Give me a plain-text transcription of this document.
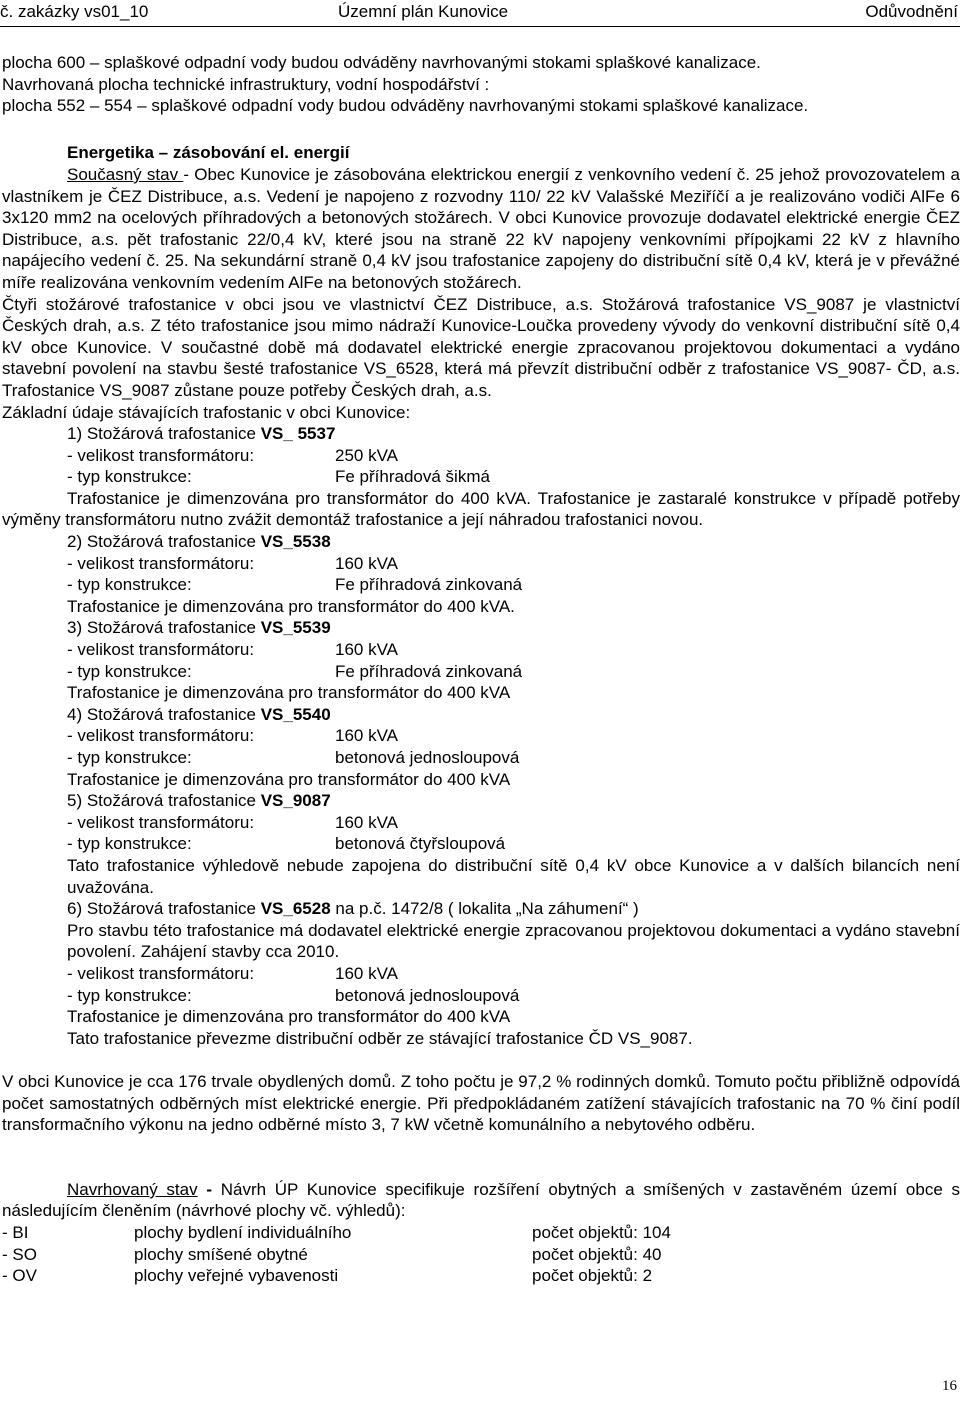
č. zakázky vs01_10	Územní plán Kunovice	Odůvodnění

plocha 600 – splaškové odpadní vody budou odváděny navrhovanými stokami splaškové kanalizace.

Navrhovaná plocha technické infrastruktury, vodní hospodářství :

plocha 552 – 554 – splaškové odpadní vody budou odváděny navrhovanými stokami splaškové kanalizace.

Energetika – zásobování el. energií

Současný stav - Obec Kunovice je zásobována elektrickou energií z venkovního vedení č. 25 jehož provozovatelem a vlastníkem je ČEZ Distribuce, a.s. Vedení je napojeno z rozvodny 110/ 22 kV Valašské Meziříčí a je realizováno vodiči AlFe 6 3x120 mm2 na ocelových příhradových a betonových stožárech. V obci Kunovice provozuje dodavatel elektrické energie ČEZ Distribuce, a.s. pět trafostanic 22/0,4 kV, které jsou na straně 22 kV napojeny venkovními přípojkami 22 kV z hlavního napájecího vedení č. 25. Na sekundární straně 0,4 kV jsou trafostanice zapojeny do distribuční sítě 0,4 kV, která je v převážné míře realizována venkovním vedením AlFe na betonových stožárech.

Čtyři stožárové trafostanice v obci jsou ve vlastnictví ČEZ Distribuce, a.s. Stožárová trafostanice VS_9087 je vlastnictví Českých drah, a.s. Z této trafostanice jsou mimo nádraží Kunovice-Loučka provedeny vývody do venkovní distribuční sítě 0,4 kV obce Kunovice. V součastné době má dodavatel elektrické energie zpracovanou projektovou dokumentaci a vydáno stavební povolení na stavbu šesté trafostanice VS_6528, která má převzít distribuční odběr z trafostanice VS_9087- ČD, a.s. Trafostanice VS_9087 zůstane pouze potřeby Českých drah, a.s.

Základní údaje stávajících trafostanic v obci Kunovice:

1) Stožárová trafostanice VS_ 5537

- velikost transformátoru:	250 kVA
- typ konstrukce:	Fe příhradová šikmá

Trafostanice je dimenzována pro transformátor do 400 kVA. Trafostanice je zastaralé konstrukce v případě potřeby výměny transformátoru nutno zvážit demontáž trafostanice a její náhradou trafostanici novou.

2) Stožárová trafostanice VS_5538

- velikost transformátoru:	160 kVA
- typ konstrukce:	Fe příhradová zinkovaná

Trafostanice je dimenzována pro transformátor do 400 kVA.

3) Stožárová trafostanice VS_5539

- velikost transformátoru:	160 kVA
- typ konstrukce:	Fe příhradová zinkovaná

Trafostanice je dimenzována pro transformátor do 400 kVA

4) Stožárová trafostanice VS_5540

- velikost transformátoru:	160 kVA
- typ konstrukce:	betonová jednosloupová

Trafostanice je dimenzována pro transformátor do 400 kVA

5) Stožárová trafostanice VS_9087

- velikost transformátoru:	160 kVA
- typ konstrukce:	betonová čtyřsloupová

Tato trafostanice výhledově nebude zapojena do distribuční sítě 0,4 kV obce Kunovice a v dalších bilancích není uvažována.

6) Stožárová trafostanice VS_6528 na p.č. 1472/8 ( lokalita „Na záhumení“ )

Pro stavbu této trafostanice má dodavatel elektrické energie zpracovanou projektovou dokumentaci a vydáno stavební povolení. Zahájení stavby cca 2010.

- velikost transformátoru:	160 kVA
- typ konstrukce:	betonová jednosloupová

Trafostanice je dimenzována pro transformátor do 400 kVA

Tato trafostanice převezme distribuční odběr ze stávající trafostanice ČD VS_9087.

V obci Kunovice je cca 176 trvale obydlených domů. Z toho počtu je 97,2 % rodinných domků. Tomuto počtu přibližně odpovídá počet samostatných odběrných míst elektrické energie. Při předpokládaném zatížení stávajících trafostanic na 70 % činí podíl transformačního výkonu na jedno odběrné místo 3, 7 kW včetně komunálního a nebytového odběru.

Navrhovaný stav - Návrh ÚP Kunovice specifikuje rozšíření obytných a smíšených v zastavěném území obce s následujícím členěním (návrhové plochy vč. výhledů):

- BI	plochy bydlení individuálního	počet objektů: 104
- SO	plochy smíšené obytné	počet objektů: 40
- OV	plochy veřejné vybavenosti	počet objektů: 2
16
